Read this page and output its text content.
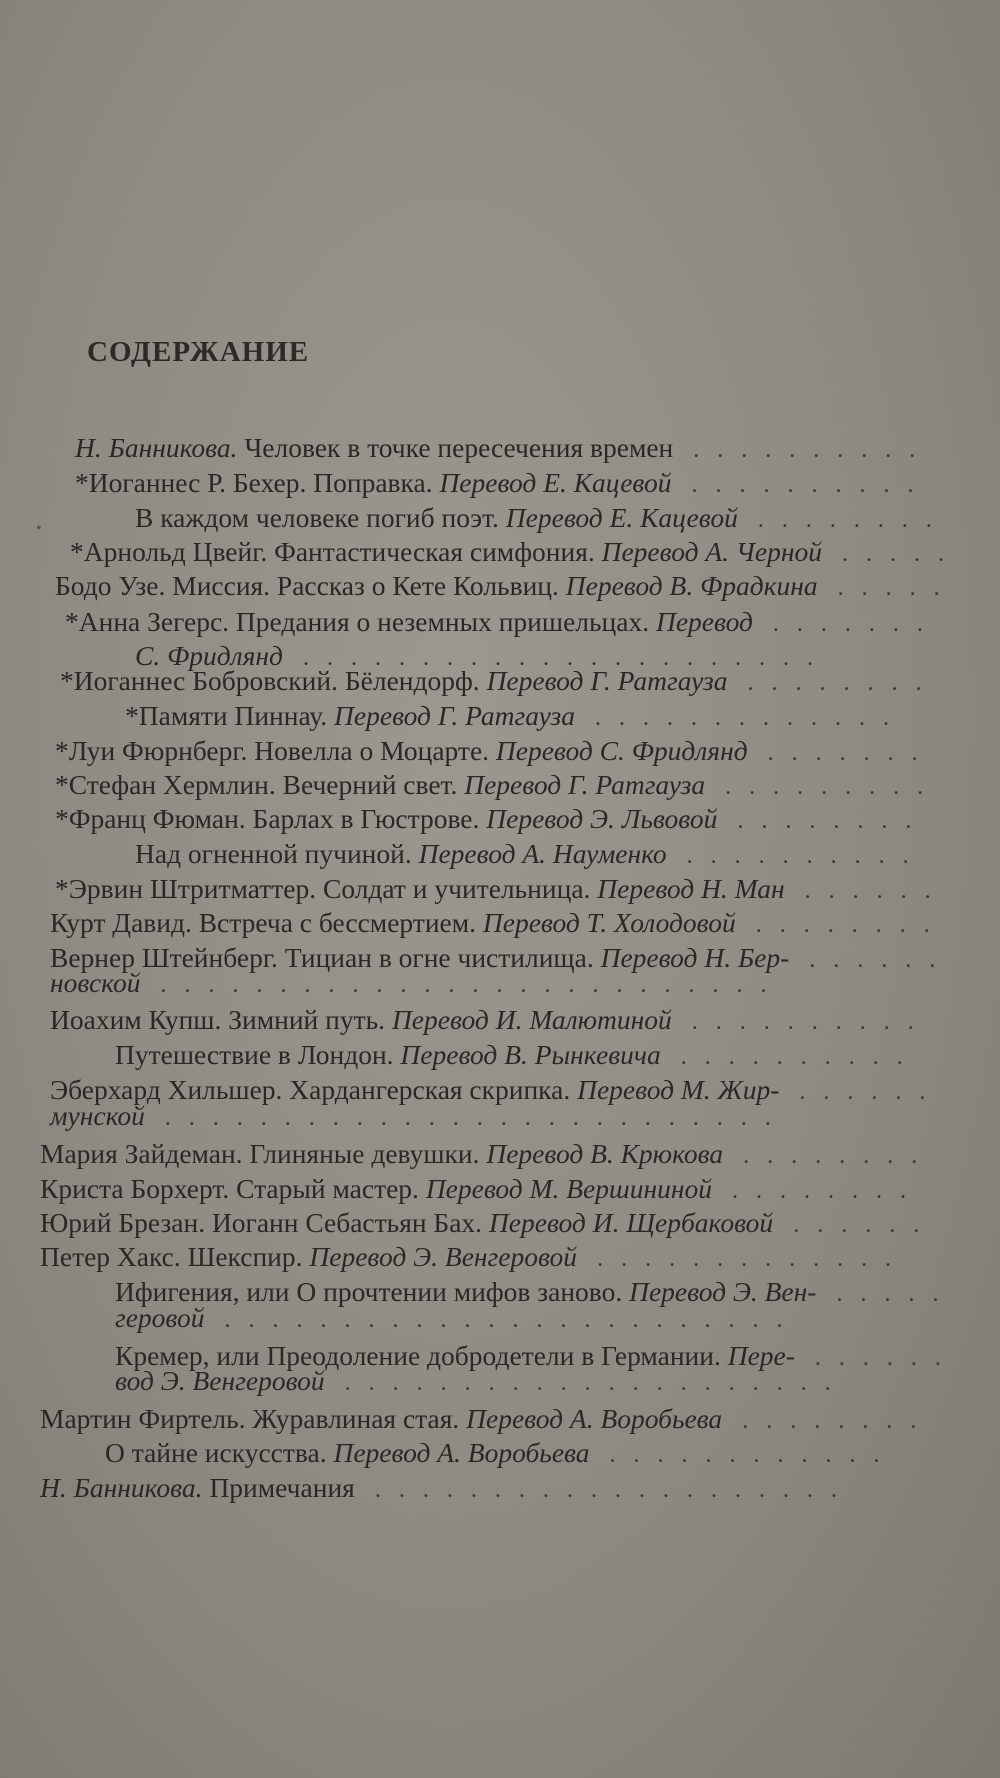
СОДЕРЖАНИЕ
•
Н. Банникова. Человек в точке пересечения времен ..........
*Иоганнес Р. Бехер. Поправка. Перевод Е. Кацевой ..........
В каждом человеке погиб поэт. Перевод Е. Кацевой ........
*Арнольд Цвейг. Фантастическая симфония. Перевод А. Черной .....
Бодо Узе. Миссия. Рассказ о Кете Кольвиц. Перевод В. Фрадкина .....
*Анна Зегерс. Предания о неземных пришельцах. Перевод .......
С. Фридлянд ......................
*Иоганнес Бобровский. Бёлендорф. Перевод Г. Ратгауза ........
*Памяти Пиннау. Перевод Г. Ратгауза .............
*Луи Фюрнберг. Новелла о Моцарте. Перевод С. Фридлянд .......
*Стефан Хермлин. Вечерний свет. Перевод Г. Ратгауза .........
*Франц Фюман. Барлах в Гюстрове. Перевод Э. Львовой ........
Над огненной пучиной. Перевод А. Науменко ..........
*Эрвин Штритматтер. Солдат и учительница. Перевод Н. Ман ......
Курт Давид. Встреча с бессмертием. Перевод Т. Холодовой ........
Вернер Штейнберг. Тициан в огне чистилища. Перевод Н. Бер- ......
новской ..........................
Иоахим Купш. Зимний путь. Перевод И. Малютиной ..........
Путешествие в Лондон. Перевод В. Рынкевича ..........
Эберхард Хильшер. Хардангерская скрипка. Перевод М. Жир- ......
мунской ..........................
Мария Зайдеман. Глиняные девушки. Перевод В. Крюкова ........
Криста Борхерт. Старый мастер. Перевод М. Вершининой ........
Юрий Брезан. Иоганн Себастьян Бах. Перевод И. Щербаковой ......
Петер Хакс. Шекспир. Перевод Э. Венгеровой .............
Ифигения, или О прочтении мифов заново. Перевод Э. Вен- .....
геровой ........................
Кремер, или Преодоление добродетели в Германии. Пере- ......
вод Э. Венгеровой .....................
Мартин Фиртель. Журавлиная стая. Перевод А. Воробьева ........
О тайне искусства. Перевод А. Воробьева ............
Н. Банникова. Примечания ....................
